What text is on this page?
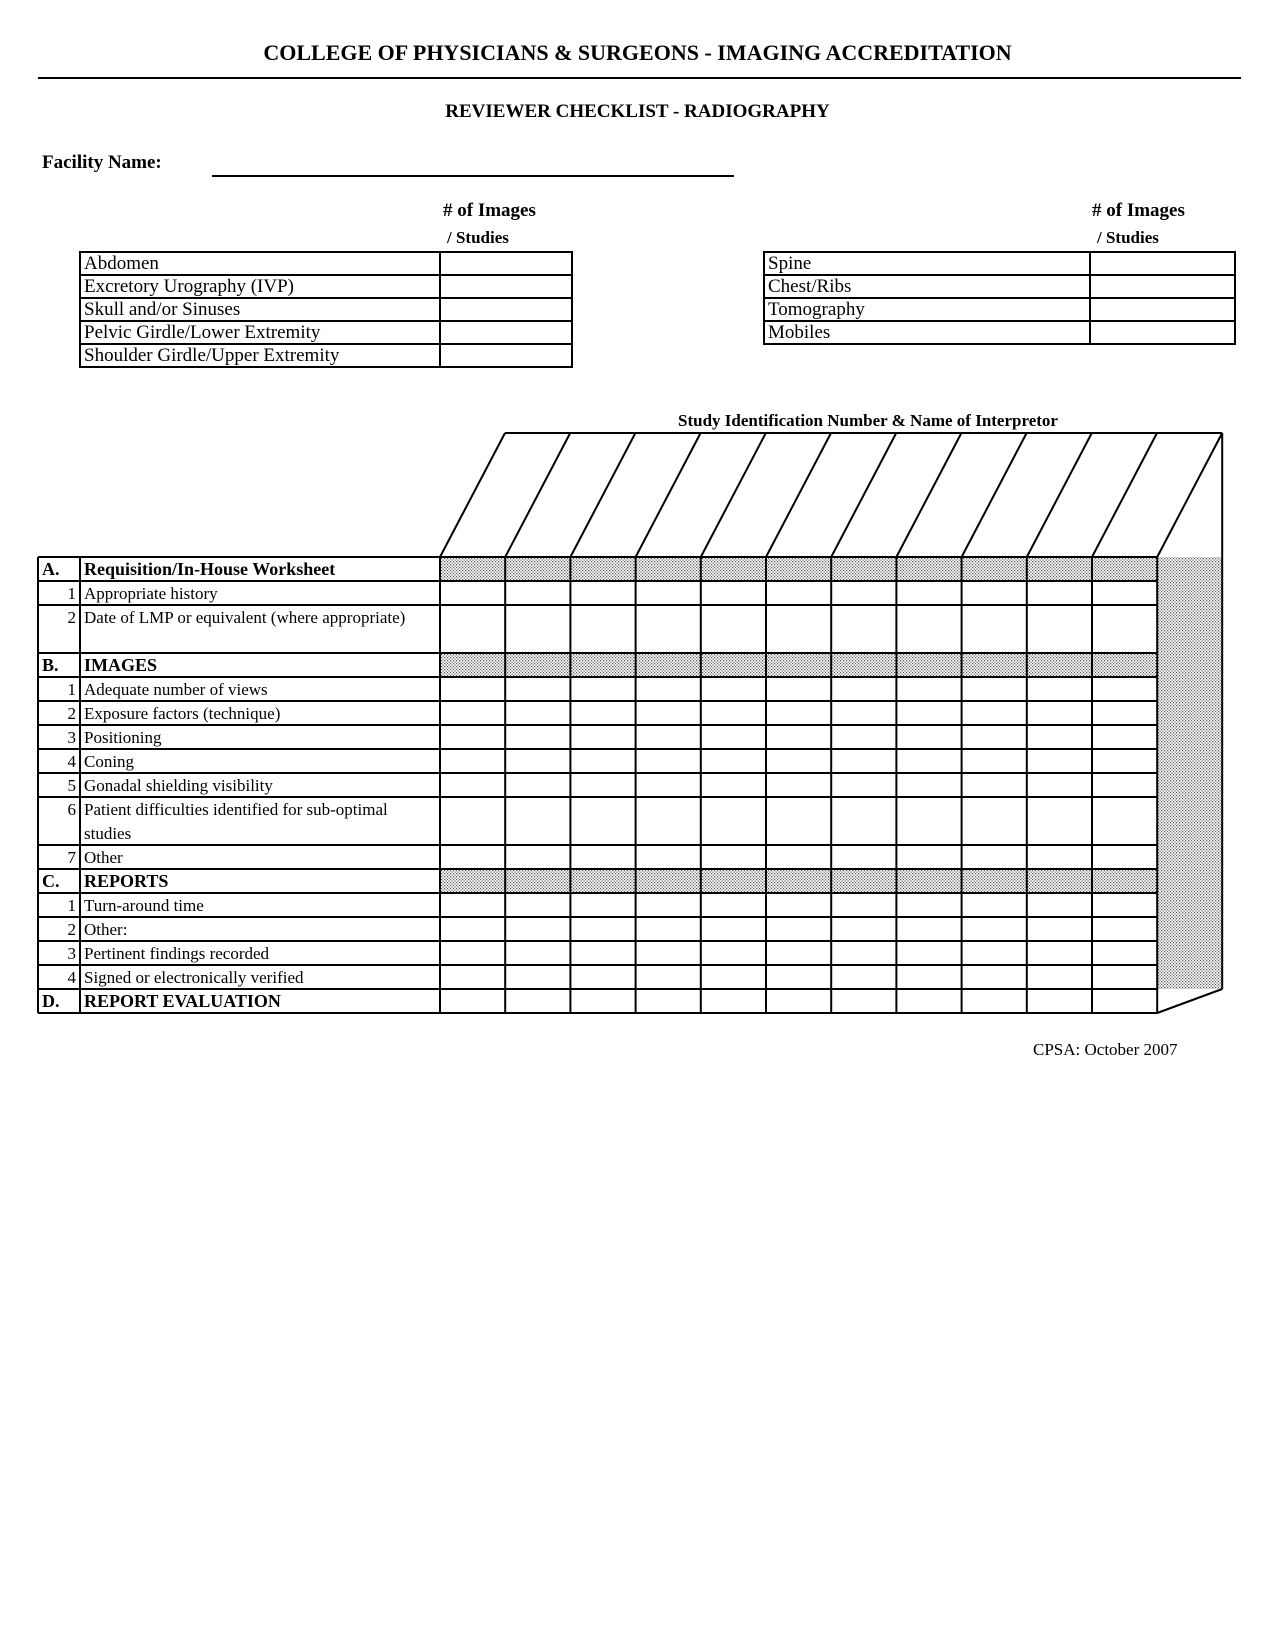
COLLEGE OF PHYSICIANS & SURGEONS - IMAGING ACCREDITATION
REVIEWER CHECKLIST - RADIOGRAPHY
Facility Name:
# of Images
/ Studies
# of Images
/ Studies
Abdomen	
Excretory Urography (IVP)	
Skull and/or Sinuses	
Pelvic Girdle/Lower Extremity	
Shoulder Girdle/Upper Extremity	
Spine	
Chest/Ribs	
Tomography	
Mobiles	
Study Identification Number & Name of Interpretor
A. Requisition/In-House Worksheet
1 Appropriate history
2 Date of LMP or equivalent (where appropriate)
B. IMAGES
1 Adequate number of views
2 Exposure factors (technique)
3 Positioning
4 Coning
5 Gonadal shielding visibility
6 Patient difficulties identified for sub-optimal
studies
7 Other
C. REPORTS
1 Turn-around time
2 Other:
3 Pertinent findings recorded
4 Signed or electronically verified
D. REPORT EVALUATION
CPSA: October 2007
